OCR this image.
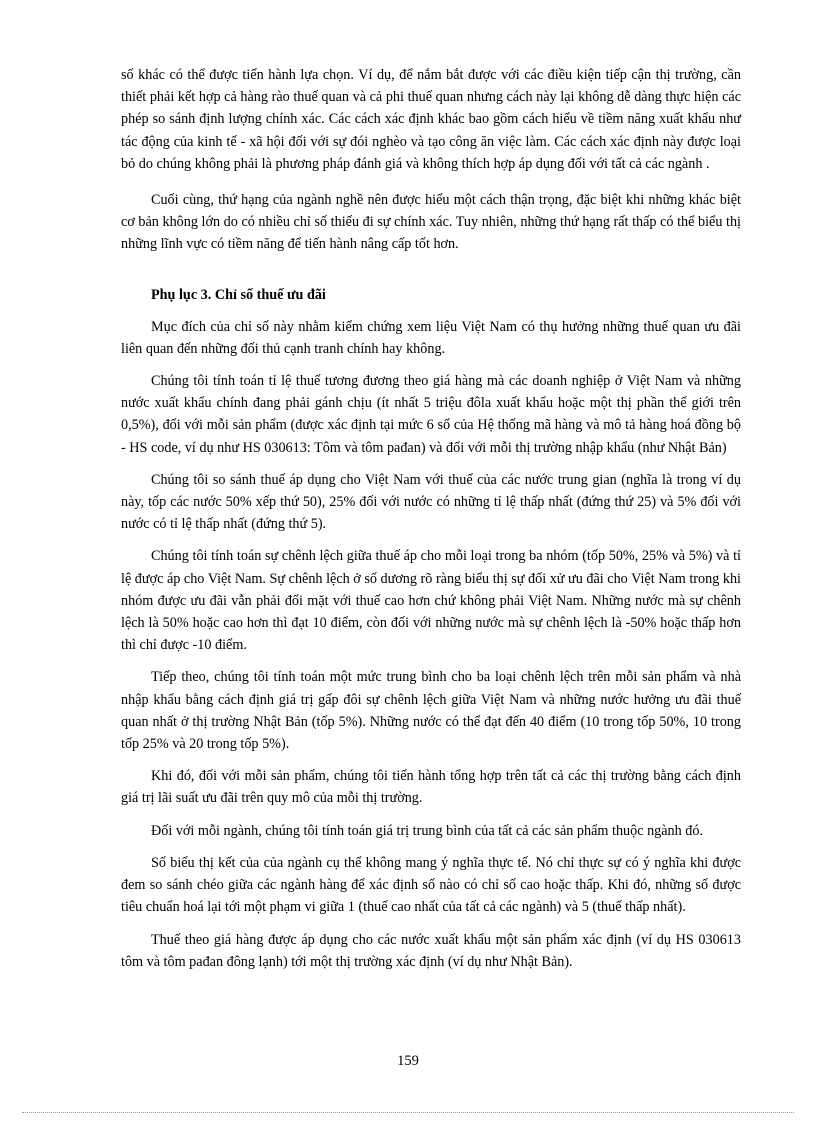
số khác có thể được tiến hành lựa chọn. Ví dụ, để nắm bắt được với các điều kiện tiếp cận thị trường, cần thiết phải kết hợp cả hàng rào thuế quan và cả phi thuế quan nhưng cách này lại không dễ dàng thực hiện các phép so sánh định lượng chính xác. Các cách xác định khác bao gồm cách hiểu về tiềm năng xuất khẩu như tác động của kinh tế - xã hội đối với sự đói nghèo và tạo công ăn việc làm. Các cách xác định này được loại bỏ do chúng không phải là phương pháp đánh giá và không thích hợp áp dụng đối với tất cả các ngành .

Cuối cùng, thứ hạng của ngành nghề nên được hiểu một cách thận trọng, đặc biệt khi những khác biệt cơ bản không lớn do có nhiều chỉ số thiếu đi sự chính xác. Tuy nhiên, những thứ hạng rất thấp có thể biểu thị những lĩnh vực có tiềm năng để tiến hành nâng cấp tốt hơn.

Phụ lục 3. Chỉ số thuế ưu đãi

Mục đích của chỉ số này nhằm kiểm chứng xem liệu Việt Nam có thụ hưởng những thuế quan ưu đãi liên quan đến những đối thủ cạnh tranh chính hay không.

Chúng tôi tính toán tỉ lệ thuế tương đương theo giá hàng mà các doanh nghiệp ở Việt Nam và những nước xuất khẩu chính đang phải gánh chịu (ít nhất 5 triệu đôla xuất khẩu hoặc một thị phần thế giới trên 0,5%), đối với mỗi sản phẩm (được xác định tại mức 6 số của Hệ thống mã hàng và mô tả hàng hoá đồng bộ - HS code, ví dụ như HS 030613: Tôm và tôm pađan) và đối với mỗi thị trường nhập khẩu (như Nhật Bản)

Chúng tôi so sánh thuế áp dụng cho Việt Nam với thuế của các nước trung gian (nghĩa là trong ví dụ này, tốp các nước 50% xếp thứ 50), 25% đối với nước có những tỉ lệ thấp nhất (đứng thứ 25) và 5% đối với nước có tỉ lệ thấp nhất (đứng thứ 5).

Chúng tôi tính toán sự chênh lệch giữa thuế áp cho mỗi loại trong ba nhóm (tốp 50%, 25% và 5%) và tỉ lệ được áp cho Việt Nam. Sự chênh lệch ở số dương rõ ràng biểu thị sự đối xử ưu đãi cho Việt Nam trong khi nhóm được ưu đãi vẫn phải đối mặt với thuế cao hơn chứ không phải Việt Nam. Những nước mà sự chênh lệch là 50% hoặc cao hơn thì đạt 10 điểm, còn đối với những nước mà sự chênh lệch là -50% hoặc thấp hơn thì chỉ được -10 điểm.

Tiếp theo, chúng tôi tính toán một mức trung bình cho ba loại chênh lệch trên mỗi sản phẩm và nhà nhập khẩu bằng cách định giá trị gấp đôi sự chênh lệch giữa Việt Nam và những nước hưởng ưu đãi thuế quan nhất ở thị trường Nhật Bản (tốp 5%). Những nước có thể đạt đến 40 điểm (10 trong tốp 50%, 10 trong tốp 25% và 20 trong tốp 5%).

Khi đó, đối với mỗi sản phẩm, chúng tôi tiến hành tổng hợp trên tất cả các thị trường bằng cách định giá trị lãi suất ưu đãi trên quy mô của mỗi thị trường.

Đối với mỗi ngành, chúng tôi tính toán giá trị trung bình của tất cả các sản phẩm thuộc ngành đó.

Số biểu thị kết của của ngành cụ thể không mang ý nghĩa thực tế. Nó chỉ thực sự có ý nghĩa khi được đem so sánh chéo giữa các ngành hàng để xác định số nào có chỉ số cao hoặc thấp. Khi đó, những số được tiêu chuẩn hoá lại tới một phạm vi giữa 1 (thuế cao nhất của tất cả các ngành) và 5 (thuế thấp nhất).

Thuế theo giá hàng được áp dụng cho các nước xuất khẩu một sản phẩm xác định (ví dụ HS 030613 tôm và tôm pađan đông lạnh) tới một thị trường xác định (ví dụ như Nhật Bản).

159
